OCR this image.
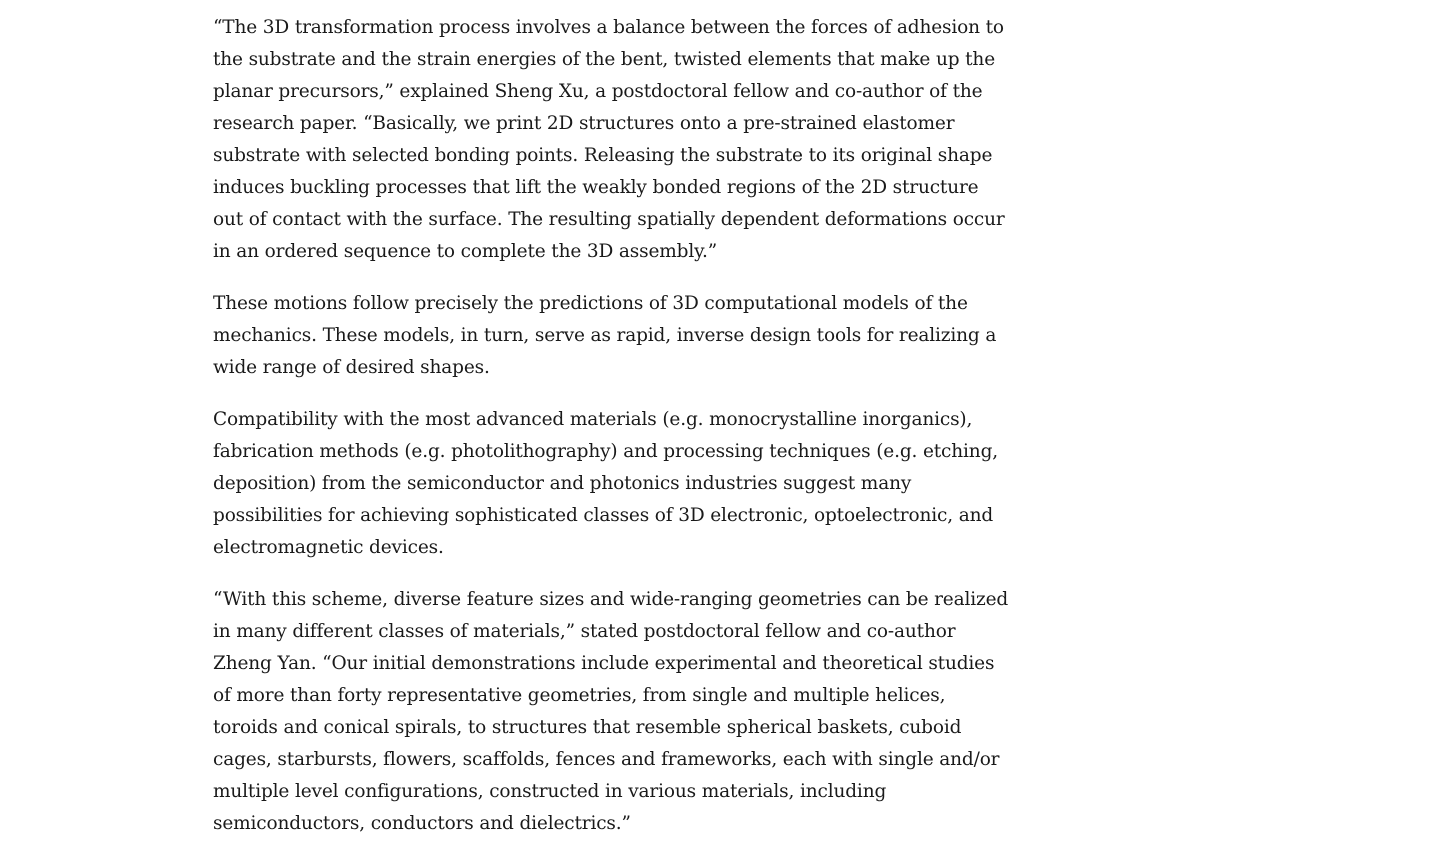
“The 3D transformation process involves a balance between the forces of adhesion to the substrate and the strain energies of the bent, twisted elements that make up the planar precursors,” explained Sheng Xu, a postdoctoral fellow and co-author of the research paper. “Basically, we print 2D structures onto a pre-strained elastomer substrate with selected bonding points. Releasing the substrate to its original shape induces buckling processes that lift the weakly bonded regions of the 2D structure out of contact with the surface. The resulting spatially dependent deformations occur in an ordered sequence to complete the 3D assembly.”

These motions follow precisely the predictions of 3D computational models of the mechanics. These models, in turn, serve as rapid, inverse design tools for realizing a wide range of desired shapes.

Compatibility with the most advanced materials (e.g. monocrystalline inorganics), fabrication methods (e.g. photolithography) and processing techniques (e.g. etching, deposition) from the semiconductor and photonics industries suggest many possibilities for achieving sophisticated classes of 3D electronic, optoelectronic, and electromagnetic devices.

“With this scheme, diverse feature sizes and wide-ranging geometries can be realized in many different classes of materials,” stated postdoctoral fellow and co-author Zheng Yan. “Our initial demonstrations include experimental and theoretical studies of more than forty representative geometries, from single and multiple helices, toroids and conical spirals, to structures that resemble spherical baskets, cuboid cages, starbursts, flowers, scaffolds, fences and frameworks, each with single and/or multiple level configurations, constructed in various materials, including semiconductors, conductors and dielectrics.”
